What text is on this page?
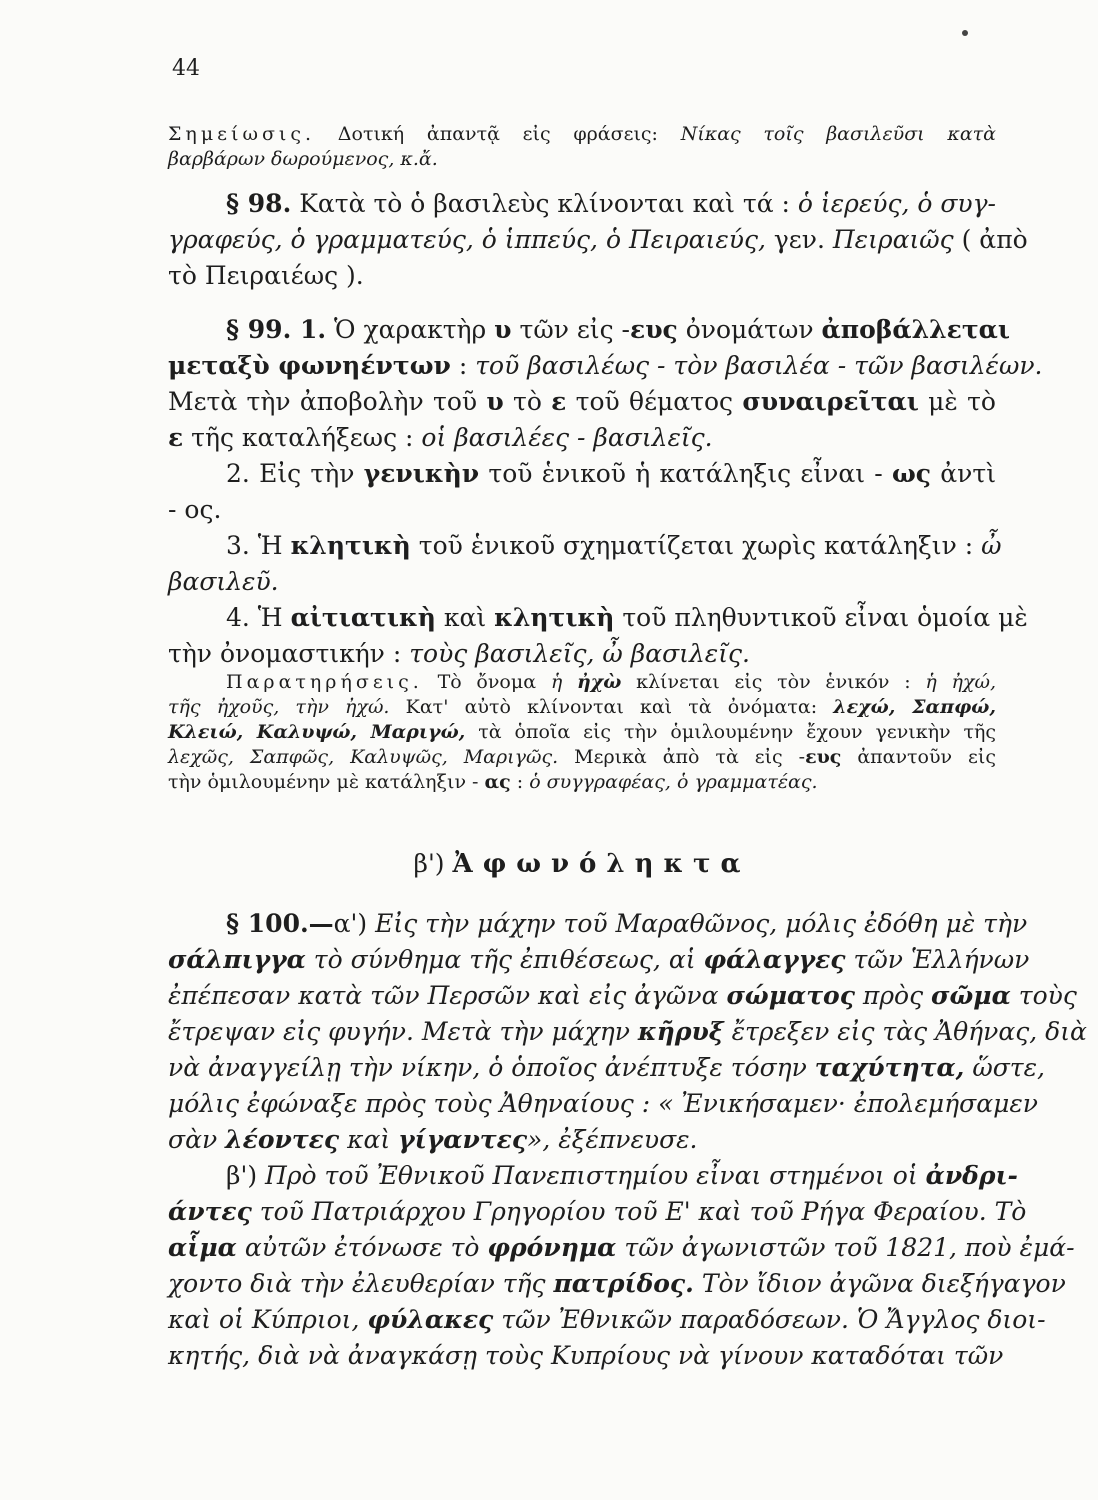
44
Σημείωσις. Δοτική ἀπαντᾷ εἰς φράσεις: Νίκας τοῖς βασιλεῦσι κατὰ
βαρβάρων δωρούμενος, κ.ἄ.
§ 98. Κατὰ τὸ ὁ βασιλεὺς κλίνονται καὶ τά : ὁ ἱερεύς, ὁ συγ-
γραφεύς, ὁ γραμματεύς, ὁ ἱππεύς, ὁ Πειραιεύς, γεν. Πειραιῶς ( ἀπὸ
τὸ Πειραιέως ).
§ 99. 1. Ὁ χαρακτὴρ υ τῶν εἰς -ευς ὀνομάτων ἀποβάλλεται
μεταξὺ φωνηέντων : τοῦ βασιλέως - τὸν βασιλέα - τῶν βασιλέων.
Μετὰ τὴν ἀποβολὴν τοῦ υ τὸ ε τοῦ θέματος συναιρεῖται μὲ τὸ
ε τῆς καταλήξεως : οἱ βασιλέες - βασιλεῖς.
2. Εἰς τὴν γενικὴν τοῦ ἑνικοῦ ἡ κατάληξις εἶναι - ως ἀντὶ
- ος.
3. Ἡ κλητικὴ τοῦ ἑνικοῦ σχηματίζεται χωρὶς κατάληξιν : ὦ
βασιλεῦ.
4. Ἡ αἰτιατικὴ καὶ κλητικὴ τοῦ πληθυντικοῦ εἶναι ὁμοία μὲ
τὴν ὀνομαστικήν : τοὺς βασιλεῖς, ὦ βασιλεῖς.
Παρατηρήσεις. Τὸ ὄνομα ἡ ἠχὼ κλίνεται εἰς τὸν ἑνικόν : ἡ ἠχώ,
τῆς ἠχοῦς, τὴν ἠχώ. Κατ' αὐτὸ κλίνονται καὶ τὰ ὀνόματα: λεχώ, Σαπφώ,
Κλειώ, Καλυψώ, Μαριγώ, τὰ ὁποῖα εἰς τὴν ὁμιλουμένην ἔχουν γενικὴν τῆς
λεχῶς, Σαπφῶς, Καλυψῶς, Μαριγῶς. Μερικὰ ἀπὸ τὰ εἰς -ευς ἀπαντοῦν εἰς
τὴν ὁμιλουμένην μὲ κατάληξιν - ας : ὁ συγγραφέας, ὁ γραμματέας.
β') Ἀφωνόληκτα
§ 100.—α') Εἰς τὴν μάχην τοῦ Μαραθῶνος, μόλις ἐδόθη μὲ τὴν
σάλπιγγα τὸ σύνθημα τῆς ἐπιθέσεως, αἱ φάλαγγες τῶν Ἑλλήνων
ἐπέπεσαν κατὰ τῶν Περσῶν καὶ εἰς ἀγῶνα σώματος πρὸς σῶμα τοὺς
ἔτρεψαν εἰς φυγήν. Μετὰ τὴν μάχην κῆρυξ ἔτρεξεν εἰς τὰς Ἀθήνας, διὰ
νὰ ἀναγγείλῃ τὴν νίκην, ὁ ὁποῖος ἀνέπτυξε τόσην ταχύτητα, ὥστε,
μόλις ἐφώναξε πρὸς τοὺς Ἀθηναίους : « Ἐνικήσαμεν· ἐπολεμήσαμεν
σὰν λέοντες καὶ γίγαντες», ἐξέπνευσε.
β') Πρὸ τοῦ Ἐθνικοῦ Πανεπιστημίου εἶναι στημένοι οἱ ἀνδρι-
άντες τοῦ Πατριάρχου Γρηγορίου τοῦ Ε' καὶ τοῦ Ρήγα Φεραίου. Τὸ
αἷμα αὐτῶν ἐτόνωσε τὸ φρόνημα τῶν ἀγωνιστῶν τοῦ 1821, ποὺ ἐμά-
χοντο διὰ τὴν ἐλευθερίαν τῆς πατρίδος. Τὸν ἴδιον ἀγῶνα διεξήγαγον
καὶ οἱ Κύπριοι, φύλακες τῶν Ἐθνικῶν παραδόσεων. Ὁ Ἄγγλος διοι-
κητής, διὰ νὰ ἀναγκάσῃ τοὺς Κυπρίους νὰ γίνουν καταδόται τῶν
